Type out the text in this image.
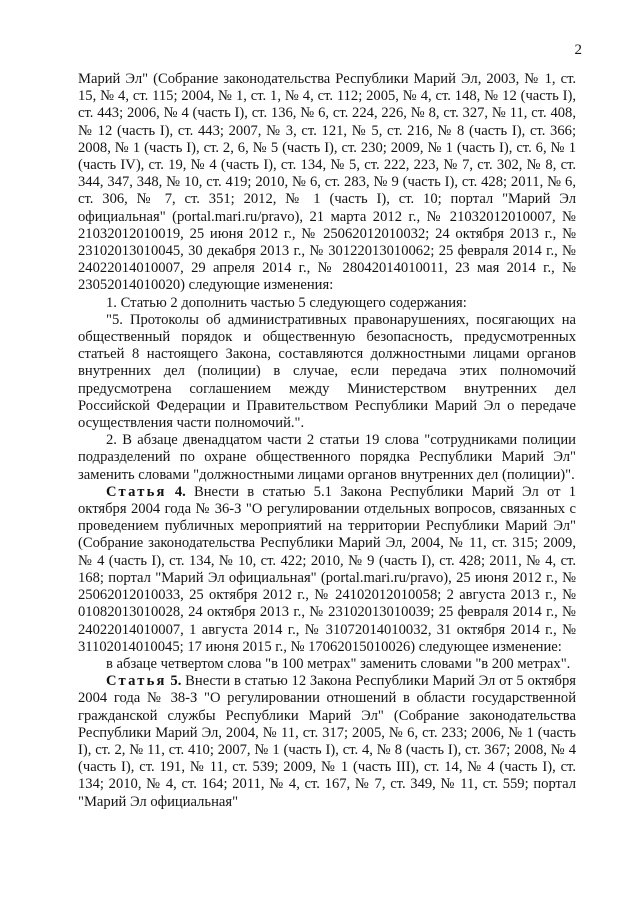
2

Марий Эл" (Собрание законодательства Республики Марий Эл, 2003, № 1, ст. 15, № 4, ст. 115; 2004, № 1, ст. 1, № 4, ст. 112; 2005, № 4, ст. 148, № 12 (часть I), ст. 443; 2006, № 4 (часть I), ст. 136, № 6, ст. 224, 226, № 8, ст. 327, № 11, ст. 408, № 12 (часть I), ст. 443; 2007, № 3, ст. 121, № 5, ст. 216, № 8 (часть I), ст. 366; 2008, № 1 (часть I), ст. 2, 6, № 5 (часть I), ст. 230; 2009, № 1 (часть I), ст. 6, № 1 (часть IV), ст. 19, № 4 (часть I), ст. 134, № 5, ст. 222, 223, № 7, ст. 302, № 8, ст. 344, 347, 348, № 10, ст. 419; 2010, № 6, ст. 283, № 9 (часть I), ст. 428; 2011, № 6, ст. 306, № 7, ст. 351; 2012, № 1 (часть I), ст. 10; портал "Марий Эл официальная" (portal.mari.ru/pravo), 21 марта 2012 г., № 21032012010007, № 21032012010019, 25 июня 2012 г., № 25062012010032; 24 октября 2013 г., № 23102013010045, 30 декабря 2013 г., № 30122013010062; 25 февраля 2014 г., № 24022014010007, 29 апреля 2014 г., № 28042014010011, 23 мая 2014 г., № 23052014010020) следующие изменения:

1. Статью 2 дополнить частью 5 следующего содержания:

"5. Протоколы об административных правонарушениях, посягающих на общественный порядок и общественную безопасность, предусмотренных статьей 8 настоящего Закона, составляются должностными лицами органов внутренних дел (полиции) в случае, если передача этих полномочий предусмотрена соглашением между Министерством внутренних дел Российской Федерации и Правительством Республики Марий Эл о передаче осуществления части полномочий.".

2. В абзаце двенадцатом части 2 статьи 19 слова "сотрудниками полиции подразделений по охране общественного порядка Республики Марий Эл" заменить словами "должностными лицами органов внутренних дел (полиции)".

Статья 4. Внести в статью 5.1 Закона Республики Марий Эл от 1 октября 2004 года № 36-З "О регулировании отдельных вопросов, связанных с проведением публичных мероприятий на территории Республики Марий Эл" (Собрание законодательства Республики Марий Эл, 2004, № 11, ст. 315; 2009, № 4 (часть I), ст. 134, № 10, ст. 422; 2010, № 9 (часть I), ст. 428; 2011, № 4, ст. 168; портал "Марий Эл официальная" (portal.mari.ru/pravo), 25 июня 2012 г., № 25062012010033, 25 октября 2012 г., № 24102012010058; 2 августа 2013 г., № 01082013010028, 24 октября 2013 г., № 23102013010039; 25 февраля 2014 г., № 24022014010007, 1 августа 2014 г., № 31072014010032, 31 октября 2014 г., № 31102014010045; 17 июня 2015 г., № 17062015010026) следующее изменение:

в абзаце четвертом слова "в 100 метрах" заменить словами "в 200 метрах".

Статья 5. Внести в статью 12 Закона Республики Марий Эл от 5 октября 2004 года № 38-З "О регулировании отношений в области государственной гражданской службы Республики Марий Эл" (Собрание законодательства Республики Марий Эл, 2004, № 11, ст. 317; 2005, № 6, ст. 233; 2006, № 1 (часть I), ст. 2, № 11, ст. 410; 2007, № 1 (часть I), ст. 4, № 8 (часть I), ст. 367; 2008, № 4 (часть I), ст. 191, № 11, ст. 539; 2009, № 1 (часть III), ст. 14, № 4 (часть I), ст. 134; 2010, № 4, ст. 164; 2011, № 4, ст. 167, № 7, ст. 349, № 11, ст. 559; портал "Марий Эл официальная"
